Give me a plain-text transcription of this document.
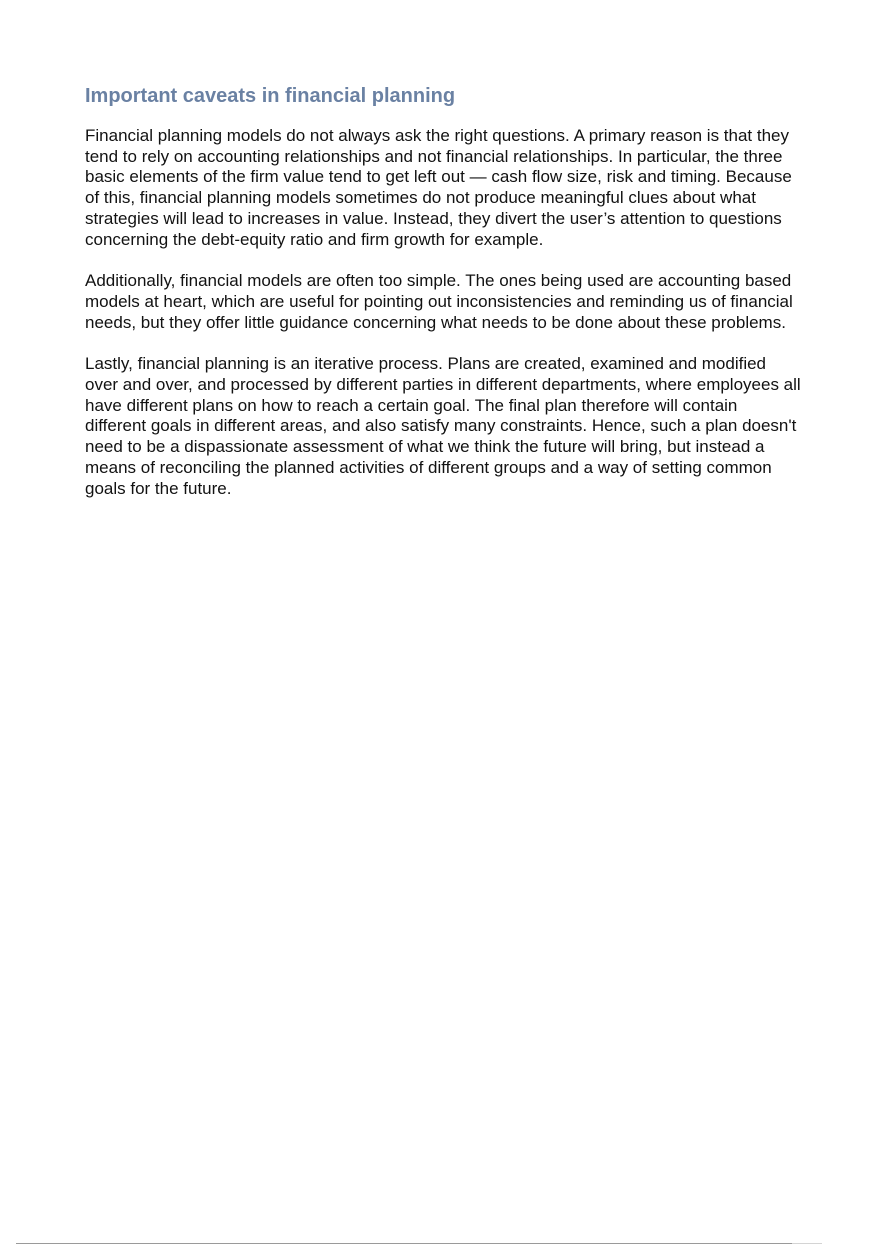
Important caveats in financial planning

Financial planning models do not always ask the right questions. A primary reason is that they tend to rely on accounting relationships and not financial relationships. In particular, the three basic elements of the firm value tend to get left out — cash flow size, risk and timing. Because of this, financial planning models sometimes do not produce meaningful clues about what strategies will lead to increases in value. Instead, they divert the user’s attention to questions concerning the debt-equity ratio and firm growth for example.

Additionally, financial models are often too simple. The ones being used are accounting based models at heart, which are useful for pointing out inconsistencies and reminding us of financial needs, but they offer little guidance concerning what needs to be done about these problems.

Lastly, financial planning is an iterative process. Plans are created, examined and modified over and over, and processed by different parties in different departments, where employees all have different plans on how to reach a certain goal. The final plan therefore will contain different goals in different areas, and also satisfy many constraints. Hence, such a plan doesn't need to be a dispassionate assessment of what we think the future will bring, but instead a means of reconciling the planned activities of different groups and a way of setting common goals for the future.
